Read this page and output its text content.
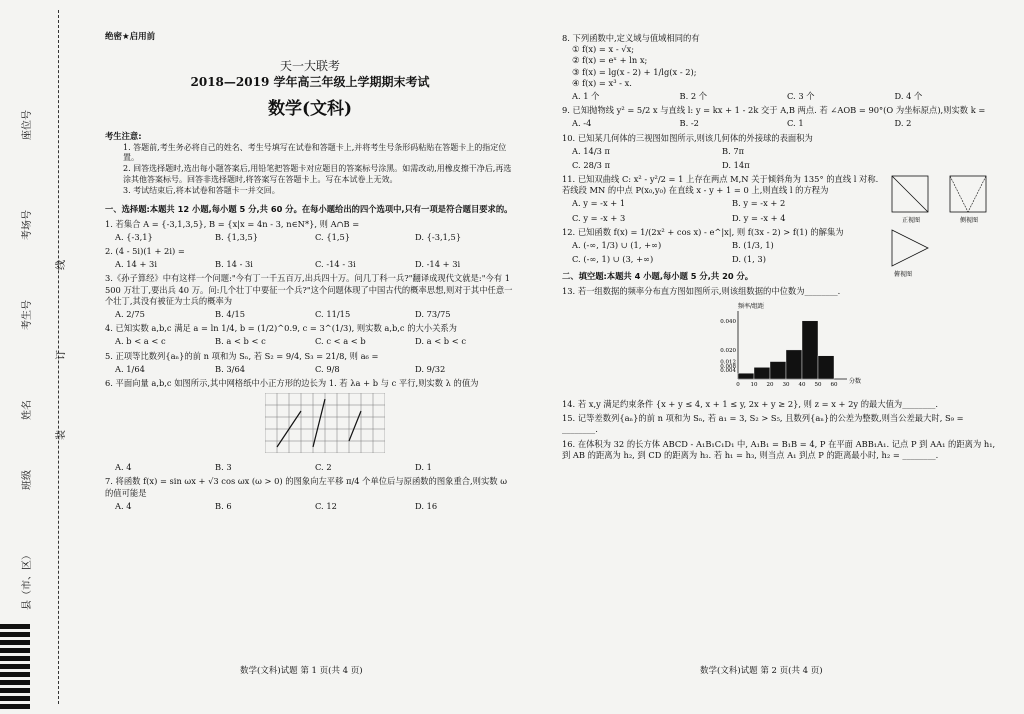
座位号
考场号
考生号
姓名
班级
县（市、区）
线
订
装
绝密★启用前
天一大联考
2018—2019 学年高三年级上学期期末考试
数学(文科)
考生注意:
1. 答题前,考生务必将自己的姓名、考生号填写在试卷和答题卡上,并将考生号条形码粘贴在答题卡上的指定位置。
2. 回答选择题时,选出每小题答案后,用铅笔把答题卡对应题目的答案标号涂黑。如需改动,用橡皮擦干净后,再选涂其他答案标号。回答非选择题时,将答案写在答题卡上。写在本试卷上无效。
3. 考试结束后,将本试卷和答题卡一并交回。
一、选择题:本题共 12 小题,每小题 5 分,共 60 分。在每小题给出的四个选项中,只有一项是符合题目要求的。
1. 若集合 A = {-3,1,3,5}, B = {x|x = 4n - 3, n∈N*}, 则 A∩B =
A. {-3,1}	B. {1,3,5}	C. {1,5}	D. {-3,1,5}
2. (4 - 5i)(1 + 2i) =
A. 14 + 3i	B. 14 - 3i	C. -14 - 3i	D. -14 + 3i
3.《孙子算经》中有这样一个问题:"今有丁一千五百万,出兵四十万。问几丁科一兵?"翻译成现代文就是:"今有 1 500 万壮丁,要出兵 40 万。问:几个壮丁中要征一个兵?"这个问题体现了中国古代的概率思想,则对于其中任意一个壮丁,其没有被征为士兵的概率为
A. 2/75	B. 4/15	C. 11/15	D. 73/75
4. 已知实数 a,b,c 满足 a = ln 1/4, b = (1/2)^0.9, c = 3^(1/3), 则实数 a,b,c 的大小关系为
A. b < a < c	B. a < b < c	C. c < a < b	D. a < b < c
5. 正项等比数列{aₙ}的前 n 项和为 Sₙ, 若 S₂ = 9/4, S₃ = 21/8, 则 a₆ =
A. 1/64	B. 3/64	C. 9/8	D. 9/32
6. 平面向量 a,b,c 如图所示,其中网格纸中小正方形的边长为 1. 若 λa + b 与 c 平行,则实数 λ 的值为
A. 4	B. 3	C. 2	D. 1
7. 将函数 f(x) = sin ωx + √3 cos ωx (ω > 0) 的图象向左平移 π/4 个单位后与原函数的图象重合,则实数 ω 的值可能是
A. 4	B. 6	C. 12	D. 16
数学(文科)试题 第 1 页(共 4 页)
8. 下列函数中,定义域与值域相同的有
① f(x) = x - √x;
② f(x) = eˣ + ln x;
③ f(x) = lg(x - 2) + 1/lg(x - 2);
④ f(x) = x³ - x.
A. 1 个	B. 2 个	C. 3 个	D. 4 个
9. 已知抛物线 y² = 5/2 x 与直线 l: y = kx + 1 - 2k 交于 A,B 两点. 若 ∠AOB = 90°(O 为坐标原点),则实数 k =
A. -4	B. -2	C. 1	D. 2
10. 已知某几何体的三视图如图所示,则该几何体的外接球的表面积为
A. 14/3 π	B. 7π
C. 28/3 π	D. 14π
11. 已知双曲线 C: x² - y²/2 = 1 上存在两点 M,N 关于倾斜角为 135° 的直线 l 对称. 若线段 MN 的中点 P(x₀,y₀) 在直线 x - y + 1 = 0 上,则直线 l 的方程为
A. y = -x + 1	B. y = -x + 2
C. y = -x + 3	D. y = -x + 4
12. 已知函数 f(x) = 1/(2x² + cos x) - e^|x|, 则 f(3x - 2) > f(1) 的解集为
A. (-∞, 1/3) ∪ (1, +∞)	B. (1/3, 1)
C. (-∞, 1) ∪ (3, +∞)	D. (1, 3)
二、填空题:本题共 4 小题,每小题 5 分,共 20 分。
13. 若一组数据的频率分布直方图如图所示,则该组数据的中位数为________.
频率/组距
0.040
0.020
0.012
0.008
0.004
0 10 20 30 40 50 60 分数
14. 若 x,y 满足约束条件 {x + y ≤ 4, x + 1 ≤ y, 2x + y ≥ 2}, 则 z = x + 2y 的最大值为________.
15. 记等差数列{aₙ}的前 n 项和为 Sₙ, 若 a₁ = 3, S₂ > S₅, 且数列{aₙ}的公差为整数,则当公差最大时, S₉ = ________.
16. 在体积为 32 的长方体 ABCD - A₁B₁C₁D₁ 中, A₁B₁ = B₁B = 4, P 在平面 ABB₁A₁. 记点 P 到 AA₁ 的距离为 h₁, 到 AB 的距离为 h₂, 到 CD 的距离为 h₃. 若 h₁ = h₃, 则当点 A₁ 到点 P 的距离最小时, h₂ = ________.
正视图	侧视图
俯视图
数学(文科)试题 第 2 页(共 4 页)
